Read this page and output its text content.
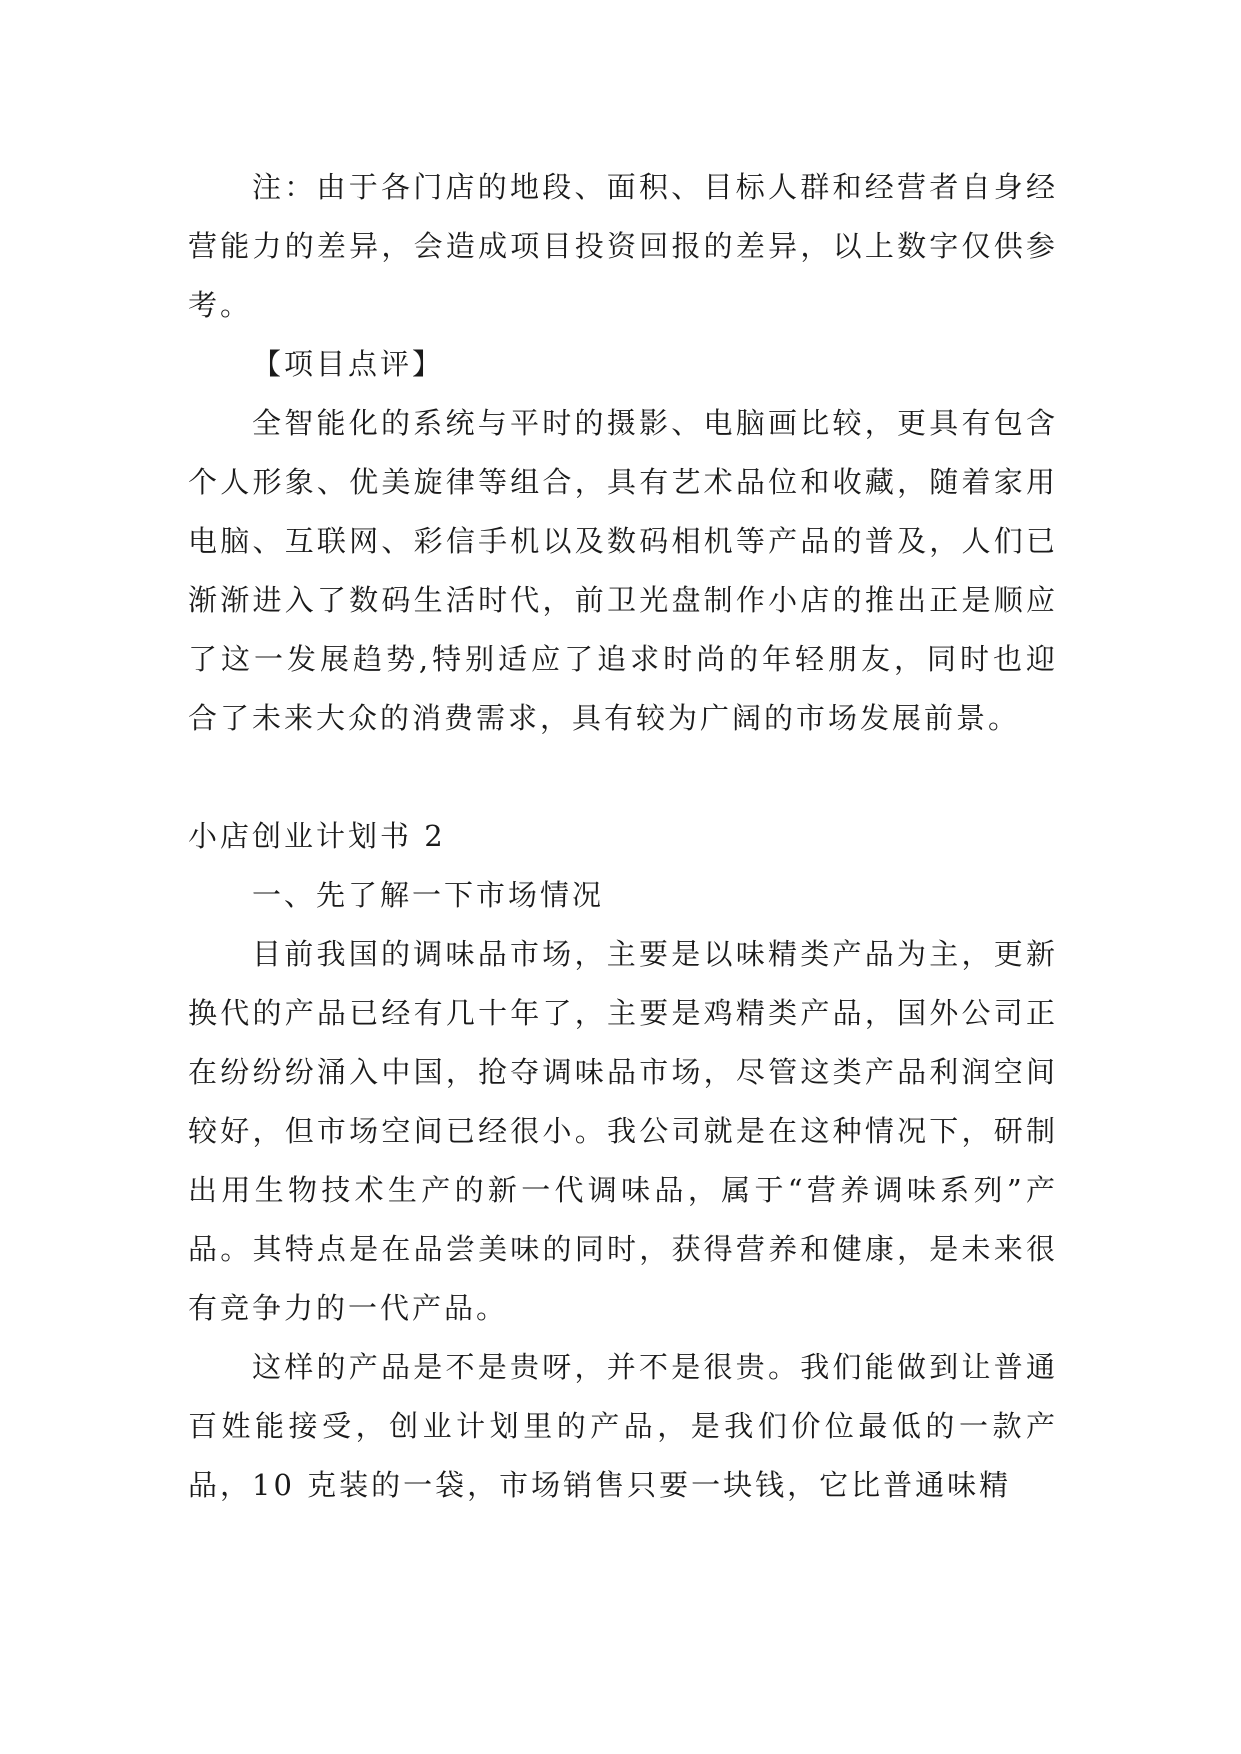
注：由于各门店的地段、面积、目标人群和经营者自身经营能力的差异，会造成项目投资回报的差异，以上数字仅供参考。

【项目点评】

全智能化的系统与平时的摄影、电脑画比较，更具有包含个人形象、优美旋律等组合，具有艺术品位和收藏，随着家用电脑、互联网、彩信手机以及数码相机等产品的普及，人们已渐渐进入了数码生活时代，前卫光盘制作小店的推出正是顺应了这一发展趋势,特别适应了追求时尚的年轻朋友，同时也迎合了未来大众的消费需求，具有较为广阔的市场发展前景。

小店创业计划书 2

一、先了解一下市场情况

目前我国的调味品市场，主要是以味精类产品为主，更新换代的产品已经有几十年了，主要是鸡精类产品，国外公司正在纷纷纷涌入中国，抢夺调味品市场，尽管这类产品利润空间较好，但市场空间已经很小。我公司就是在这种情况下，研制出用生物技术生产的新一代调味品，属于“营养调味系列”产品。其特点是在品尝美味的同时，获得营养和健康，是未来很有竞争力的一代产品。

这样的产品是不是贵呀，并不是很贵。我们能做到让普通百姓能接受，创业计划里的产品，是我们价位最低的一款产品，10 克装的一袋，市场销售只要一块钱，它比普通味精
